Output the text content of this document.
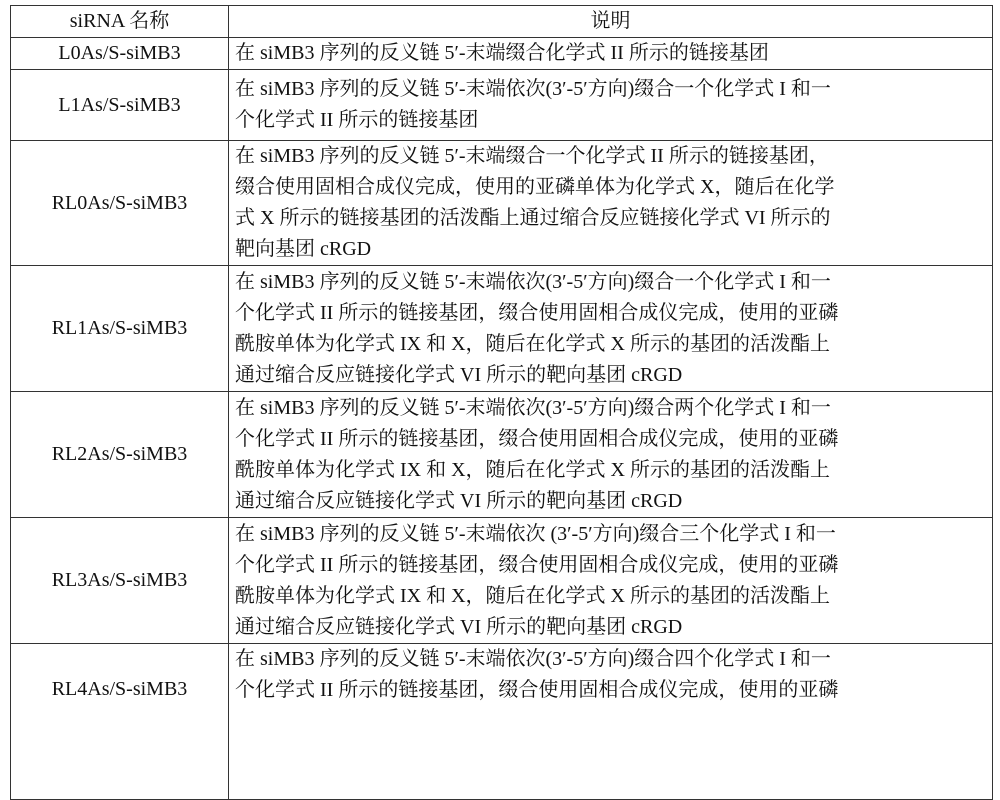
siRNA 名称	说明
L0As/S-siMB3	在 siMB3 序列的反义链 5′-末端缀合化学式 II 所示的链接基团

L1As/S-siMB3	
在 siMB3 序列的反义链 5′-末端依次(3′-5′方向)缀合一个化学式 I 和一
个化学式 II 所示的链接基团

RL0As/S-siMB3	
在 siMB3 序列的反义链 5′-末端缀合一个化学式 II 所示的链接基团，
缀合使用固相合成仪完成，使用的亚磷单体为化学式 X，随后在化学
式 X 所示的链接基团的活泼酯上通过缩合反应链接化学式 VI 所示的
靶向基团 cRGD

RL1As/S-siMB3	
在 siMB3 序列的反义链 5′-末端依次(3′-5′方向)缀合一个化学式 I 和一
个化学式 II 所示的链接基团，缀合使用固相合成仪完成，使用的亚磷
酰胺单体为化学式 IX 和 X，随后在化学式 X 所示的基团的活泼酯上
通过缩合反应链接化学式 VI 所示的靶向基团 cRGD

RL2As/S-siMB3	
在 siMB3 序列的反义链 5′-末端依次(3′-5′方向)缀合两个化学式 I 和一
个化学式 II 所示的链接基团，缀合使用固相合成仪完成，使用的亚磷
酰胺单体为化学式 IX 和 X，随后在化学式 X 所示的基团的活泼酯上
通过缩合反应链接化学式 VI 所示的靶向基团 cRGD

RL3As/S-siMB3	
在 siMB3 序列的反义链 5′-末端依次 (3′-5′方向)缀合三个化学式 I 和一
个化学式 II 所示的链接基团，缀合使用固相合成仪完成，使用的亚磷
酰胺单体为化学式 IX 和 X，随后在化学式 X 所示的基团的活泼酯上
通过缩合反应链接化学式 VI 所示的靶向基团 cRGD

RL4As/S-siMB3	
在 siMB3 序列的反义链 5′-末端依次(3′-5′方向)缀合四个化学式 I 和一
个化学式 II 所示的链接基团，缀合使用固相合成仪完成，使用的亚磷
